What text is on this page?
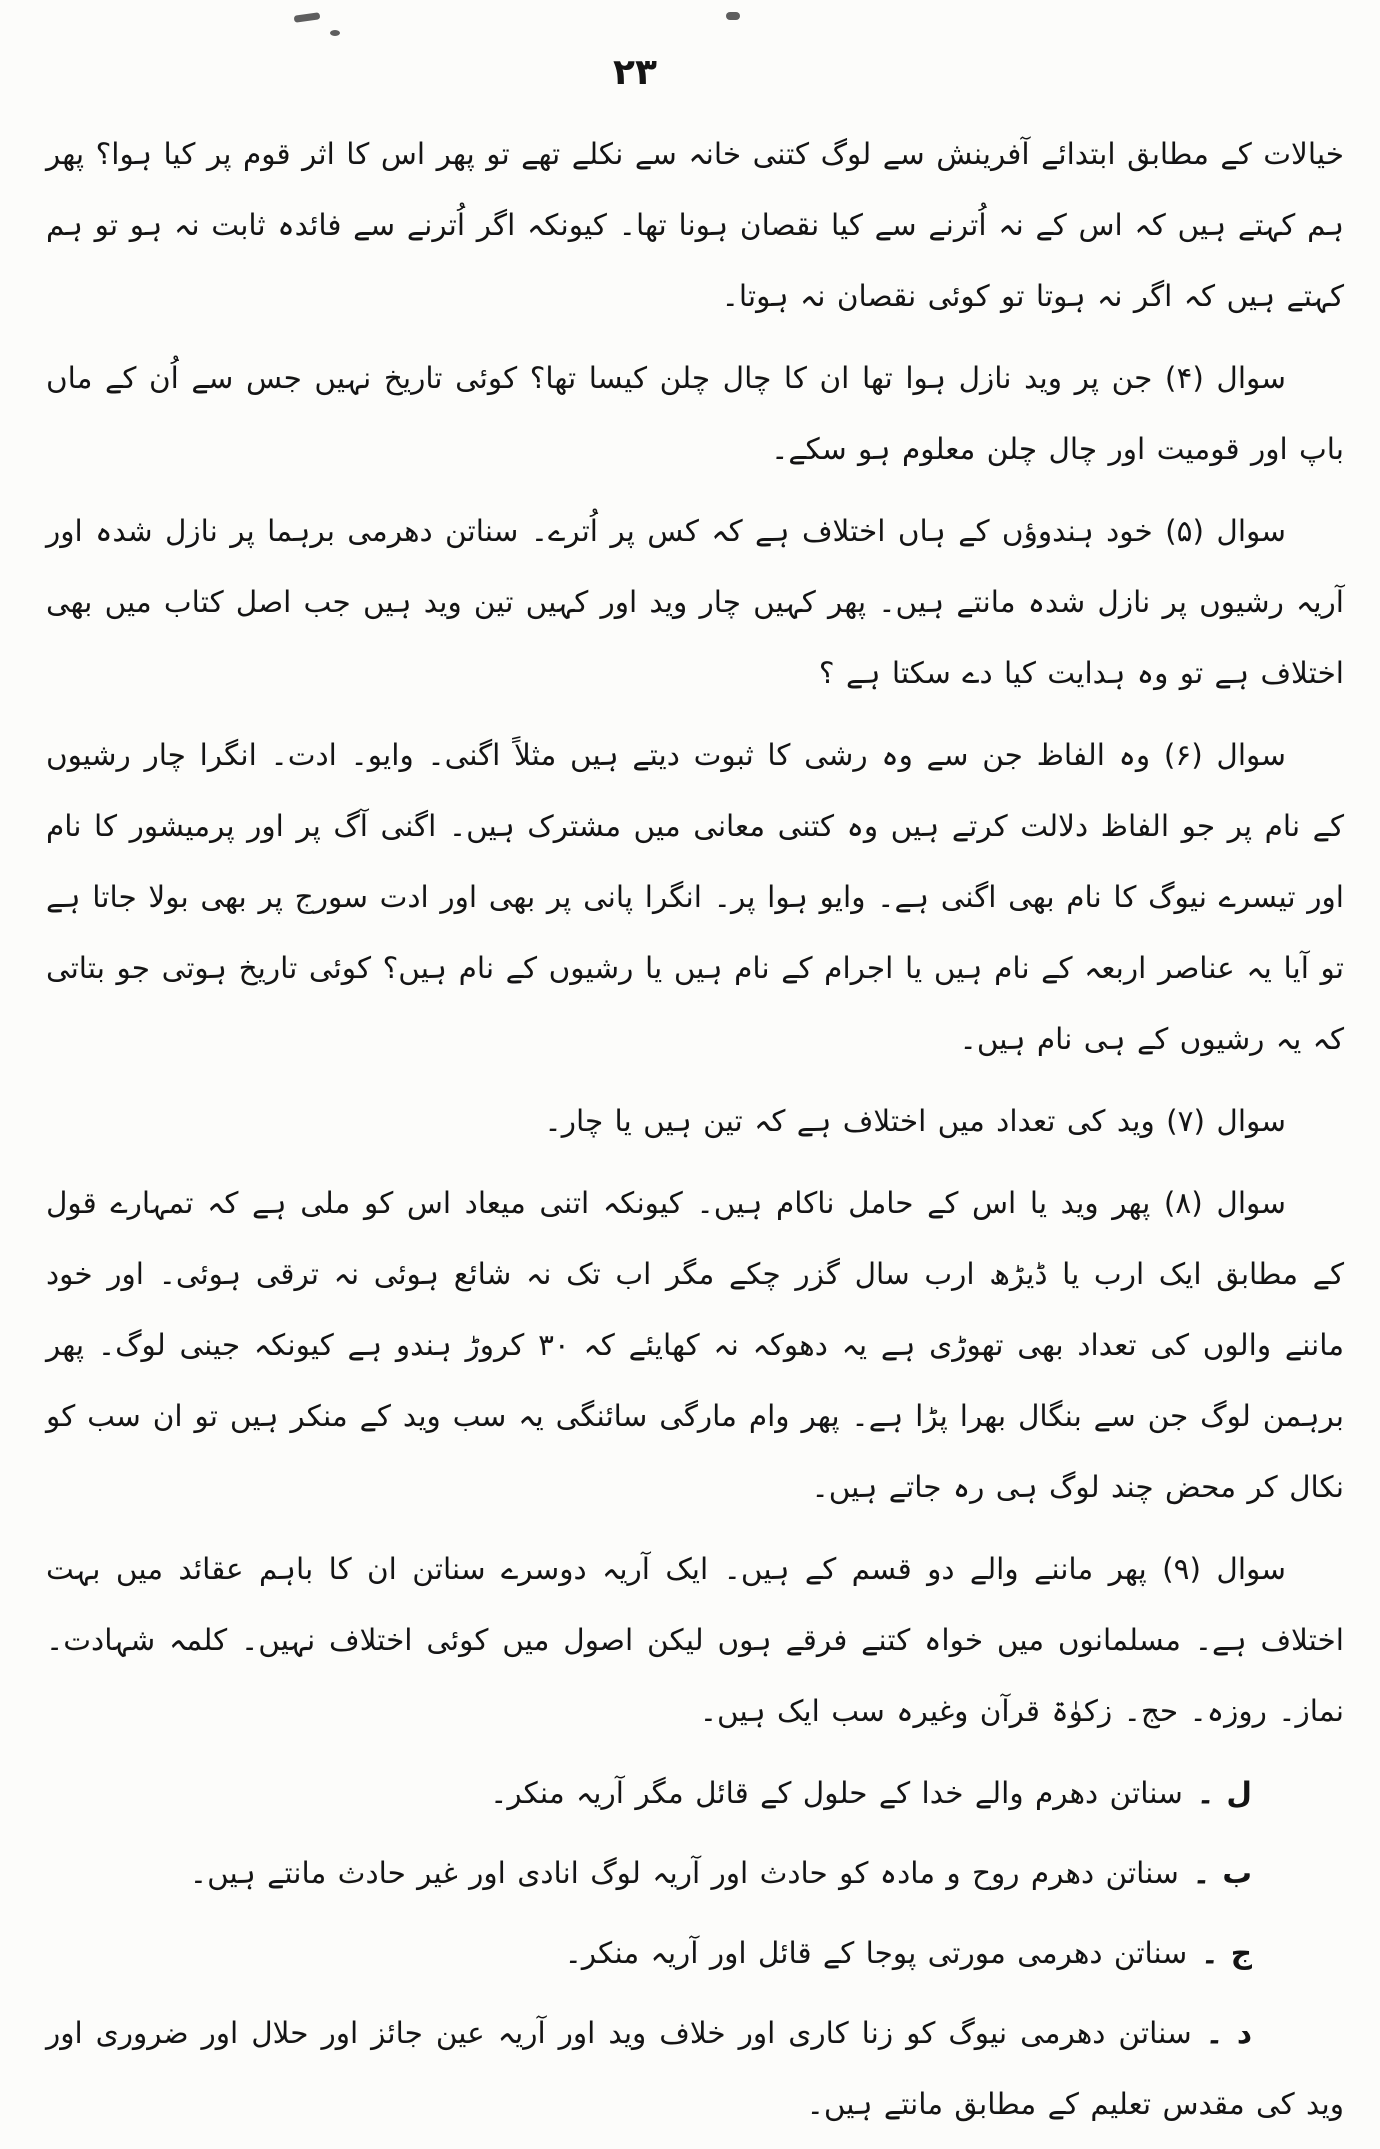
۲۳

خیالات کے مطابق ابتدائے آفرینش سے لوگ کتنی خانہ سے نکلے تھے تو پھر اس کا اثر قوم پر کیا ہوا؟ پھر ہم کہتے ہیں کہ اس کے نہ اُترنے سے کیا نقصان ہونا تھا۔ کیونکہ اگر اُترنے سے فائدہ ثابت نہ ہو تو ہم کہتے ہیں کہ اگر نہ ہوتا تو کوئی نقصان نہ ہوتا۔

سوال (۴) جن پر وید نازل ہوا تھا ان کا چال چلن کیسا تھا؟ کوئی تاریخ نہیں جس سے اُن کے ماں باپ اور قومیت اور چال چلن معلوم ہو سکے۔

سوال (۵) خود ہندوؤں کے ہاں اختلاف ہے کہ کس پر اُترے۔ سناتن دھرمی برہما پر نازل شدہ اور آریہ رشیوں پر نازل شدہ مانتے ہیں۔ پھر کہیں چار وید اور کہیں تین وید ہیں جب اصل کتاب میں بھی اختلاف ہے تو وہ ہدایت کیا دے سکتا ہے ؟

سوال (۶) وہ الفاظ جن سے وہ رشی کا ثبوت دیتے ہیں مثلاً اگنی۔ وایو۔ ادت۔ انگرا چار رشیوں کے نام پر جو الفاظ دلالت کرتے ہیں وہ کتنی معانی میں مشترک ہیں۔ اگنی آگ پر اور پرمیشور کا نام اور تیسرے نیوگ کا نام بھی اگنی ہے۔ وایو ہوا پر۔ انگرا پانی پر بھی اور ادت سورج پر بھی بولا جاتا ہے تو آیا یہ عناصر اربعہ کے نام ہیں یا اجرام کے نام ہیں یا رشیوں کے نام ہیں؟ کوئی تاریخ ہوتی جو بتاتی کہ یہ رشیوں کے ہی نام ہیں۔

سوال (۷) وید کی تعداد میں اختلاف ہے کہ تین ہیں یا چار۔

سوال (۸) پھر وید یا اس کے حامل ناکام ہیں۔ کیونکہ اتنی میعاد اس کو ملی ہے کہ تمہارے قول کے مطابق ایک ارب یا ڈیڑھ ارب سال گزر چکے مگر اب تک نہ شائع ہوئی نہ ترقی ہوئی۔ اور خود ماننے والوں کی تعداد بھی تھوڑی ہے یہ دھوکہ نہ کھایئے کہ ۳۰ کروڑ ہندو ہے کیونکہ جینی لوگ۔ پھر برہمن لوگ جن سے بنگال بھرا پڑا ہے۔ پھر وام مارگی سائنگی یہ سب وید کے منکر ہیں تو ان سب کو نکال کر محض چند لوگ ہی رہ جاتے ہیں۔

سوال (۹) پھر ماننے والے دو قسم کے ہیں۔ ایک آریہ دوسرے سناتن ان کا باہم عقائد میں بہت اختلاف ہے۔ مسلمانوں میں خواہ کتنے فرقے ہوں لیکن اصول میں کوئی اختلاف نہیں۔ کلمہ شہادت۔ نماز۔ روزہ۔ حج۔ زکوٰۃ قرآن وغیرہ سب ایک ہیں۔

ل ۔سناتن دھرم والے خدا کے حلول کے قائل مگر آریہ منکر۔

ب ۔سناتن دھرم روح و مادہ کو حادث اور آریہ لوگ انادی اور غیر حادث مانتے ہیں۔

ج ۔سناتن دھرمی مورتی پوجا کے قائل اور آریہ منکر۔

د ۔سناتن دھرمی نیوگ کو زنا کاری اور خلاف وید اور آریہ عین جائز اور حلال اور ضروری اور وید کی مقدس تعلیم کے مطابق مانتے ہیں۔
